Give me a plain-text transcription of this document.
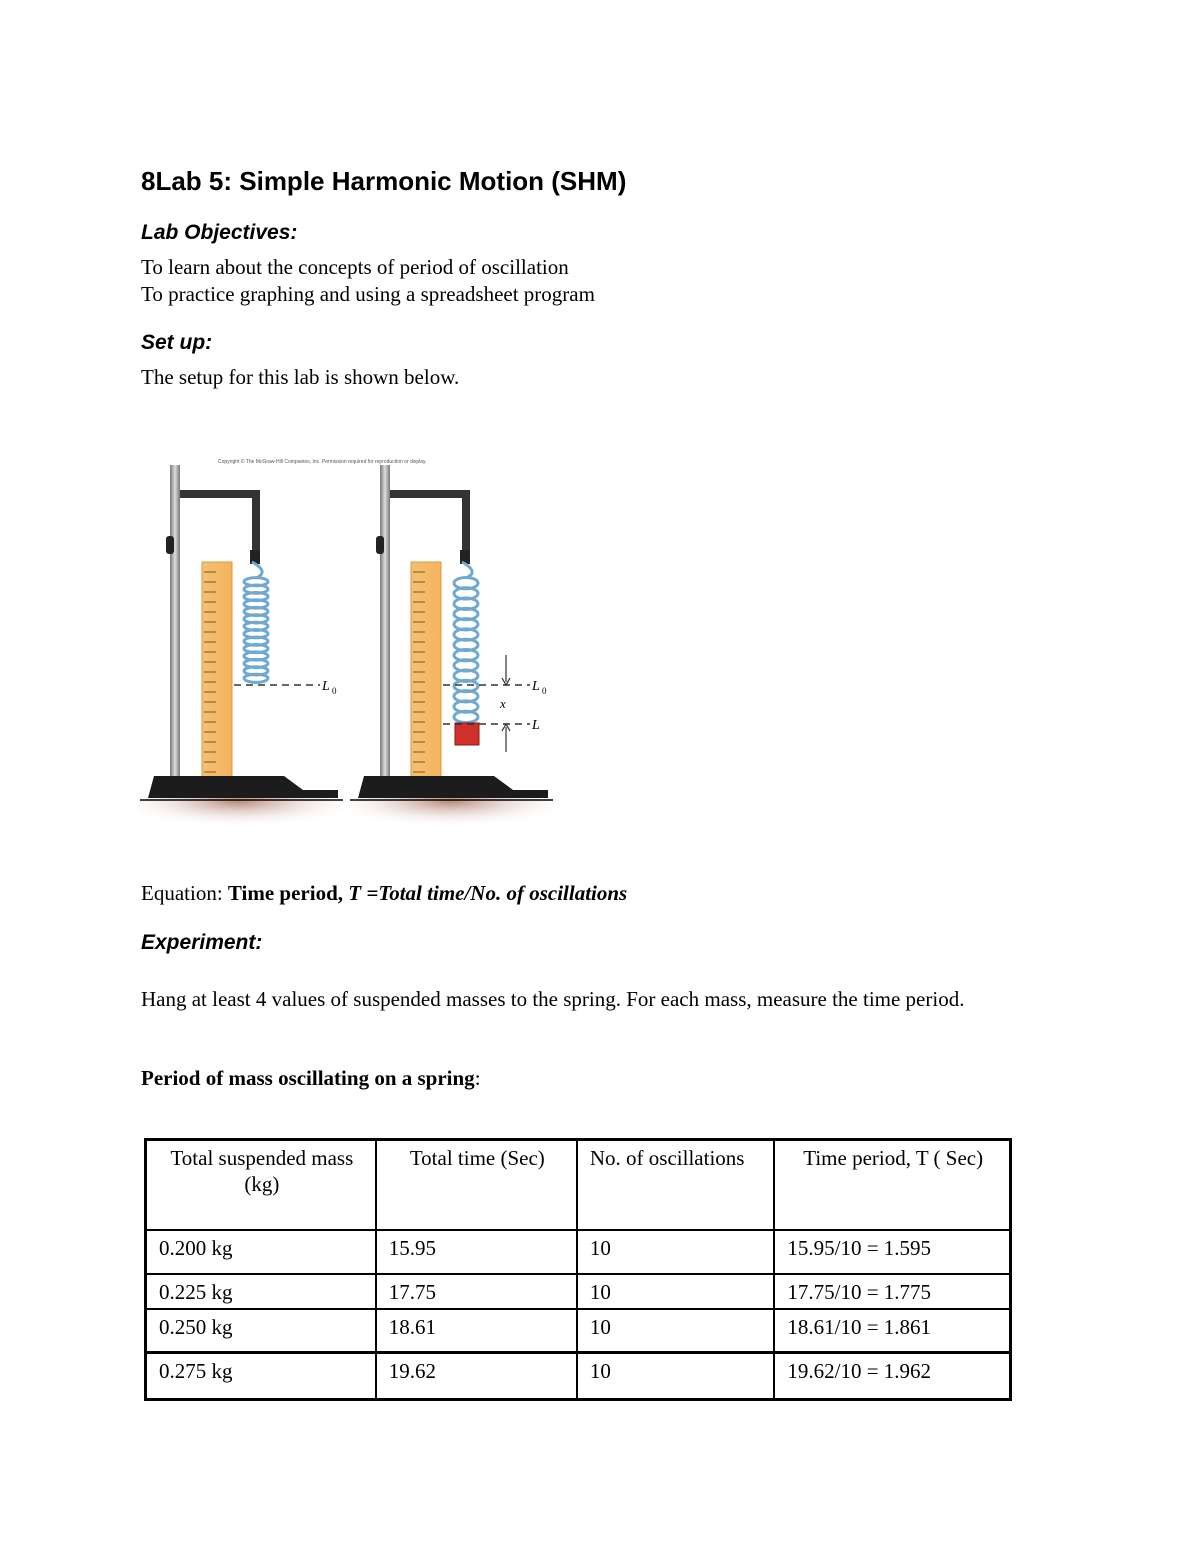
8Lab 5: Simple Harmonic Motion (SHM)
Lab Objectives:

To learn about the concepts of period of oscillation

To practice graphing and using a spreadsheet program

Set up:

The setup for this lab is shown below.

Copyright © The McGraw-Hill Companies, Inc. Permission required for reproduction or display.
L 0
x
L 0
L

Equation: Time period, T =Total time/No. of oscillations

Experiment:

Hang at least 4 values of suspended masses to the spring. For each mass, measure the time period.

Period of mass oscillating on a spring:

Total suspended mass (kg)	Total time (Sec)	No. of oscillations	Time period, T ( Sec)
0.200 kg	15.95	10	15.95/10 = 1.595
0.225 kg	17.75	10	17.75/10 = 1.775
0.250 kg	18.61	10	18.61/10 = 1.861
0.275 kg	19.62	10	19.62/10 = 1.962
